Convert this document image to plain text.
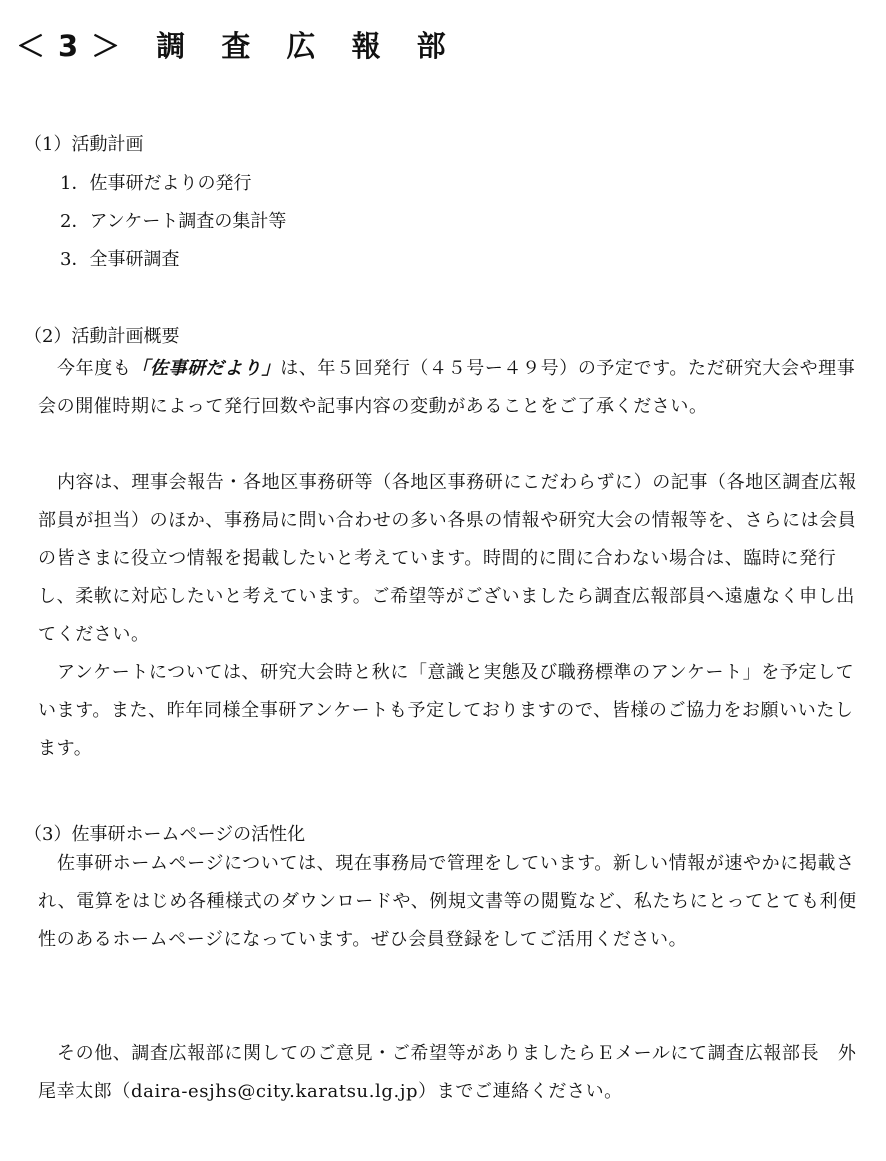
＜3＞ 調 査 広 報 部
（1）活動計画
1．佐事研だよりの発行
2．アンケート調査の集計等
3．全事研調査
（2）活動計画概要

今年度も「佐事研だより」は、年５回発行（４５号ー４９号）の予定です。ただ研究大会や理事会の開催時期によって発行回数や記事内容の変動があることをご了承ください。

内容は、理事会報告・各地区事務研等（各地区事務研にこだわらずに）の記事（各地区調査広報部員が担当）のほか、事務局に問い合わせの多い各県の情報や研究大会の情報等を、さらには会員の皆さまに役立つ情報を掲載したいと考えています。時間的に間に合わない場合は、臨時に発行し、柔軟に対応したいと考えています。ご希望等がございましたら調査広報部員へ遠慮なく申し出てください。

アンケートについては、研究大会時と秋に「意識と実態及び職務標準のアンケート」を予定しています。また、昨年同様全事研アンケートも予定しておりますので、皆様のご協力をお願いいたします。

（3）佐事研ホームページの活性化

佐事研ホームページについては、現在事務局で管理をしています。新しい情報が速やかに掲載され、電算をはじめ各種様式のダウンロードや、例規文書等の閲覧など、私たちにとってとても利便性のあるホームページになっています。ぜひ会員登録をしてご活用ください。

その他、調査広報部に関してのご意見・ご希望等がありましたらＥメールにて調査広報部長　外尾幸太郎（daira-esjhs@city.karatsu.lg.jp）までご連絡ください。
